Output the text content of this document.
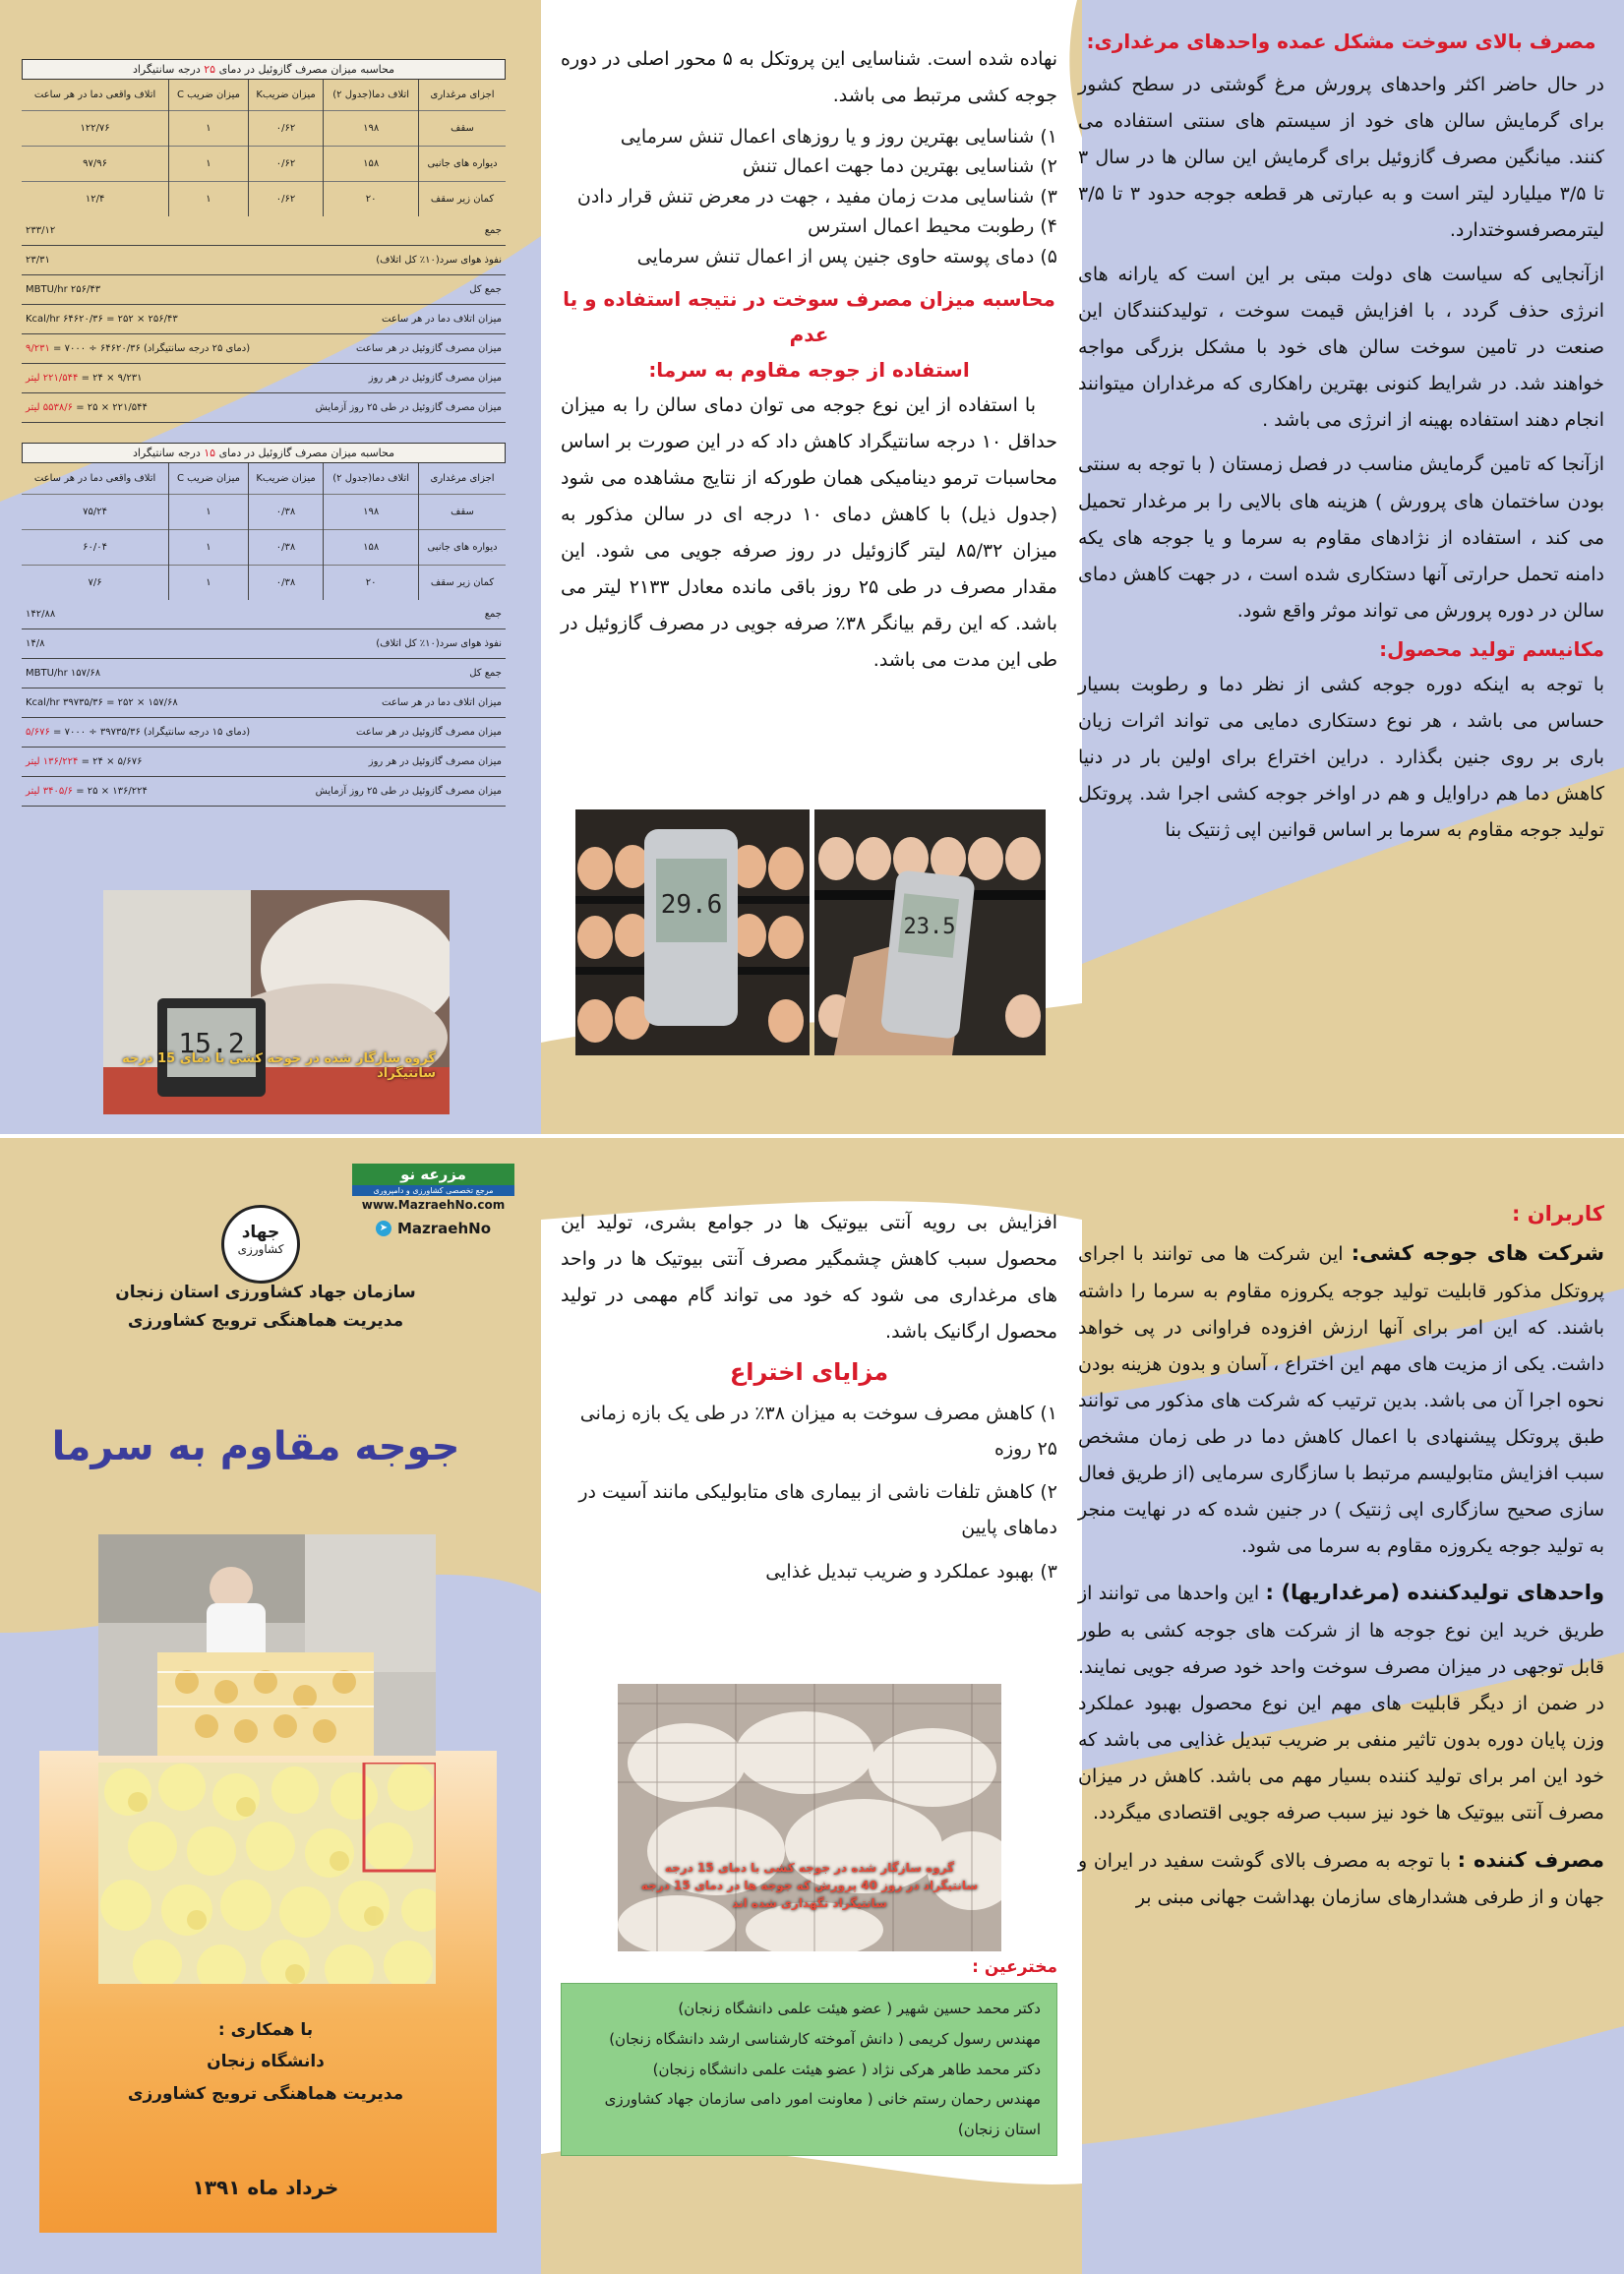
مصرف بالای سوخت مشکل عمده واحدهای مرغداری:

در حال حاضر اکثر واحدهای پرورش مرغ گوشتی در سطح کشور برای گرمایش سالن های خود از سیستم های سنتی استفاده می کنند. میانگین مصرف گازوئیل برای گرمایش این سالن ها در سال ۳ تا ۳/۵ میلیارد لیتر است و به عبارتی هر قطعه جوجه حدود ۳ تا ۳/۵ لیترمصرفسوختدارد.

ازآنجایی که سیاست های دولت مبتی بر این است که یارانه های انرژی حذف گردد ، با افزایش قیمت سوخت ، تولیدکنندگان این صنعت در تامین سوخت سالن های خود با مشکل بزرگی مواجه خواهند شد. در شرایط کنونی بهترین راهکاری که مرغداران میتوانند انجام دهند استفاده بهینه از انرژی می باشد .

ازآنجا که تامین گرمایش مناسب در فصل زمستان ( با توجه به سنتی بودن ساختمان های پرورش ) هزینه های بالایی را بر مرغدار تحمیل می کند ، استفاده از نژادهای مقاوم به سرما و یا جوجه های یکه دامنه تحمل حرارتی آنها دستکاری شده است ، در جهت کاهش دمای سالن در دوره پرورش می تواند موثر واقع شود.

مکانیسم تولید محصول:

با توجه به اینکه دوره جوجه کشی از نظر دما و رطوبت بسیار حساس می باشد ، هر نوع دستکاری دمایی می تواند اثرات زیان باری بر روی جنین بگذارد . دراین اختراع برای اولین بار در دنیا کاهش دما هم دراوایل و هم در اواخر جوجه کشی اجرا شد. پروتکل تولید جوجه مقاوم به سرما بر اساس قوانین اپی ژنتیک بنا

نهاده شده است. شناسایی این پروتکل به ۵ محور اصلی در دوره جوجه کشی مرتبط می باشد.

۱) شناسایی بهترین روز و یا روزهای اعمال تنش سرمایی
۲) شناسایی بهترین دما جهت اعمال تنش
۳) شناسایی مدت زمان مفید ، جهت در معرض تنش قرار دادن
۴) رطوبت محیط اعمال استرس
۵) دمای پوسته حاوی جنین پس از اعمال تنش سرمایی
محاسبه میزان مصرف سوخت در نتیجه استفاده و یا عدم
استفاده از جوجه مقاوم به سرما:

با استفاده از این نوع جوجه می توان دمای سالن را به میزان حداقل ۱۰ درجه سانتیگراد کاهش داد که در این صورت بر اساس محاسبات ترمو دینامیکی همان طورکه از نتایج مشاهده می شود (جدول ذیل) با کاهش دمای ۱۰ درجه ای در سالن مذکور به میزان ۸۵/۳۲ لیتر گازوئیل در روز صرفه جویی می شود. این مقدار مصرف در طی ۲۵ روز باقی مانده معادل ۲۱۳۳ لیتر می باشد. که این رقم بیانگر ۳۸٪ صرفه جویی در مصرف گازوئیل در طی این مدت می باشد.

29.6
23.5
محاسبه میزان مصرف گازوئیل در دمای ۲۵ درجه سانتیگراد
اجزای مرغداری	اتلاف دما(جدول ۲)	میزان ضریبK	میزان ضریب C	اتلاف واقعی دما در هر ساعت
سقف	۱۹۸	۰/۶۲	۱	۱۲۲/۷۶
دیواره های جانبی	۱۵۸	۰/۶۲	۱	۹۷/۹۶
کمان زیر سقف	۲۰	۰/۶۲	۱	۱۲/۴
جمع
۲۳۳/۱۲
نفوذ هوای سرد(۱۰٪ کل اتلاف)
۲۳/۳۱
جمع کل
MBTU/hr ۲۵۶/۴۳
میزان اتلاف دما در هر ساعت
Kcal/hr ۶۴۶۲۰/۳۶ = ۲۵۲ × ۲۵۶/۴۳
میزان مصرف گازوئیل در هر ساعت
(دمای ۲۵ درجه سانتیگراد) ۶۴۶۲۰/۳۶ ÷ ۷۰۰۰ = ۹/۲۳۱
میزان مصرف گازوئیل در هر روز
۹/۲۳۱ × ۲۴ = ۲۲۱/۵۴۴ لیتر
میزان مصرف گازوئیل در طی ۲۵ روز آزمایش
۲۲۱/۵۴۴ × ۲۵ = ۵۵۳۸/۶ لیتر
محاسبه میزان مصرف گازوئیل در دمای ۱۵ درجه سانتیگراد
اجزای مرغداری	اتلاف دما(جدول ۲)	میزان ضریبK	میزان ضریب C	اتلاف واقعی دما در هر ساعت
سقف	۱۹۸	۰/۳۸	۱	۷۵/۲۴
دیواره های جانبی	۱۵۸	۰/۳۸	۱	۶۰/۰۴
کمان زیر سقف	۲۰	۰/۳۸	۱	۷/۶
جمع
۱۴۲/۸۸
نفوذ هوای سرد(۱۰٪ کل اتلاف)
۱۴/۸
جمع کل
MBTU/hr ۱۵۷/۶۸
میزان اتلاف دما در هر ساعت
Kcal/hr ۳۹۷۳۵/۳۶ = ۲۵۲ × ۱۵۷/۶۸
میزان مصرف گازوئیل در هر ساعت
(دمای ۱۵ درجه سانتیگراد) ۳۹۷۳۵/۳۶ ÷ ۷۰۰۰ = ۵/۶۷۶
میزان مصرف گازوئیل در هر روز
۵/۶۷۶ × ۲۴ = ۱۳۶/۲۲۴ لیتر
میزان مصرف گازوئیل در طی ۲۵ روز آزمایش
۱۳۶/۲۲۴ × ۲۵ = ۳۴۰۵/۶ لیتر
15.2
گروه سازگار شده در جوجه کشی با دمای 15 درجه سانتیگراد
کاربران :

شرکت های جوجه کشی: این شرکت ها می توانند با اجرای پروتکل مذکور قابلیت تولید جوجه یکروزه مقاوم به سرما را داشته باشند. که این امر برای آنها ارزش افزوده فراوانی در پی خواهد داشت. یکی از مزیت های مهم این اختراع ، آسان و بدون هزینه بودن نحوه اجرا آن می باشد. بدین ترتیب که شرکت های مذکور می توانند طبق پروتکل پیشنهادی با اعمال کاهش دما در طی زمان مشخص سبب افزایش متابولیسم مرتبط با سازگاری سرمایی (از طریق فعال سازی صحیح سازگاری اپی ژنتیک ) در جنین شده که در نهایت منجر به تولید جوجه یکروزه مقاوم به سرما می شود.

واحدهای تولیدکننده (مرغداریها) : این واحدها می توانند از طریق خرید این نوع جوجه ها از شرکت های جوجه کشی به طور قابل توجهی در میزان مصرف سوخت واحد خود صرفه جویی نمایند. در ضمن از دیگر قابلیت های مهم این نوع محصول بهبود عملکرد وزن پایان دوره بدون تاثیر منفی بر ضریب تبدیل غذایی می باشد که خود این امر برای تولید کننده بسیار مهم می باشد. کاهش در میزان مصرف آنتی بیوتیک ها خود نیز سبب صرفه جویی اقتصادی میگردد.

مصرف کننده : با توجه به مصرف بالای گوشت سفید در ایران و جهان و از طرفی هشدارهای سازمان بهداشت جهانی مبنی بر

افزایش بی رویه آنتی بیوتیک ها در جوامع بشری، تولید این محصول سبب کاهش چشمگیر مصرف آنتی بیوتیک ها در واحد های مرغداری می شود که خود می تواند گام مهمی در تولید محصول ارگانیک باشد.

مزایای اختراع
۱) کاهش مصرف سوخت به میزان ۳۸٪ در طی یک بازه زمانی ۲۵ روزه
۲) کاهش تلفات ناشی از بیماری های متابولیکی مانند آسیت در دماهای پایین
۳) بهبود عملکرد و ضریب تبدیل غذایی
گروه سازگار شده در جوجه کشی با دمای 15 درجه سانتیگراد در روز 40 پرورش که جوجه ها در دمای 15 درجه سانتیگراد نگهداری شده اند
مخترعین :
دکتر محمد حسین شهیر ( عضو هیئت علمی دانشگاه زنجان)
مهندس رسول کریمی ( دانش آموخته کارشناسی ارشد دانشگاه زنجان)
دکتر محمد طاهر هرکی نژاد ( عضو هیئت علمی دانشگاه زنجان)
مهندس رحمان رستم خانی ( معاونت امور دامی سازمان جهاد کشاورزی
استان زنجان)
مزرعه نو
مرجع تخصصی کشاورزی و دامپروری
www.MazraehNo.com
➤ MazraehNo
جهاد
کشاورزی
سازمان جهاد کشاورزی استان زنجان
مدیریت هماهنگی ترویج کشاورزی
جوجه مقاوم به سرما
با همکاری :
دانشگاه زنجان
مدیریت هماهنگی ترویج کشاورزی
خرداد ماه ۱۳۹۱
